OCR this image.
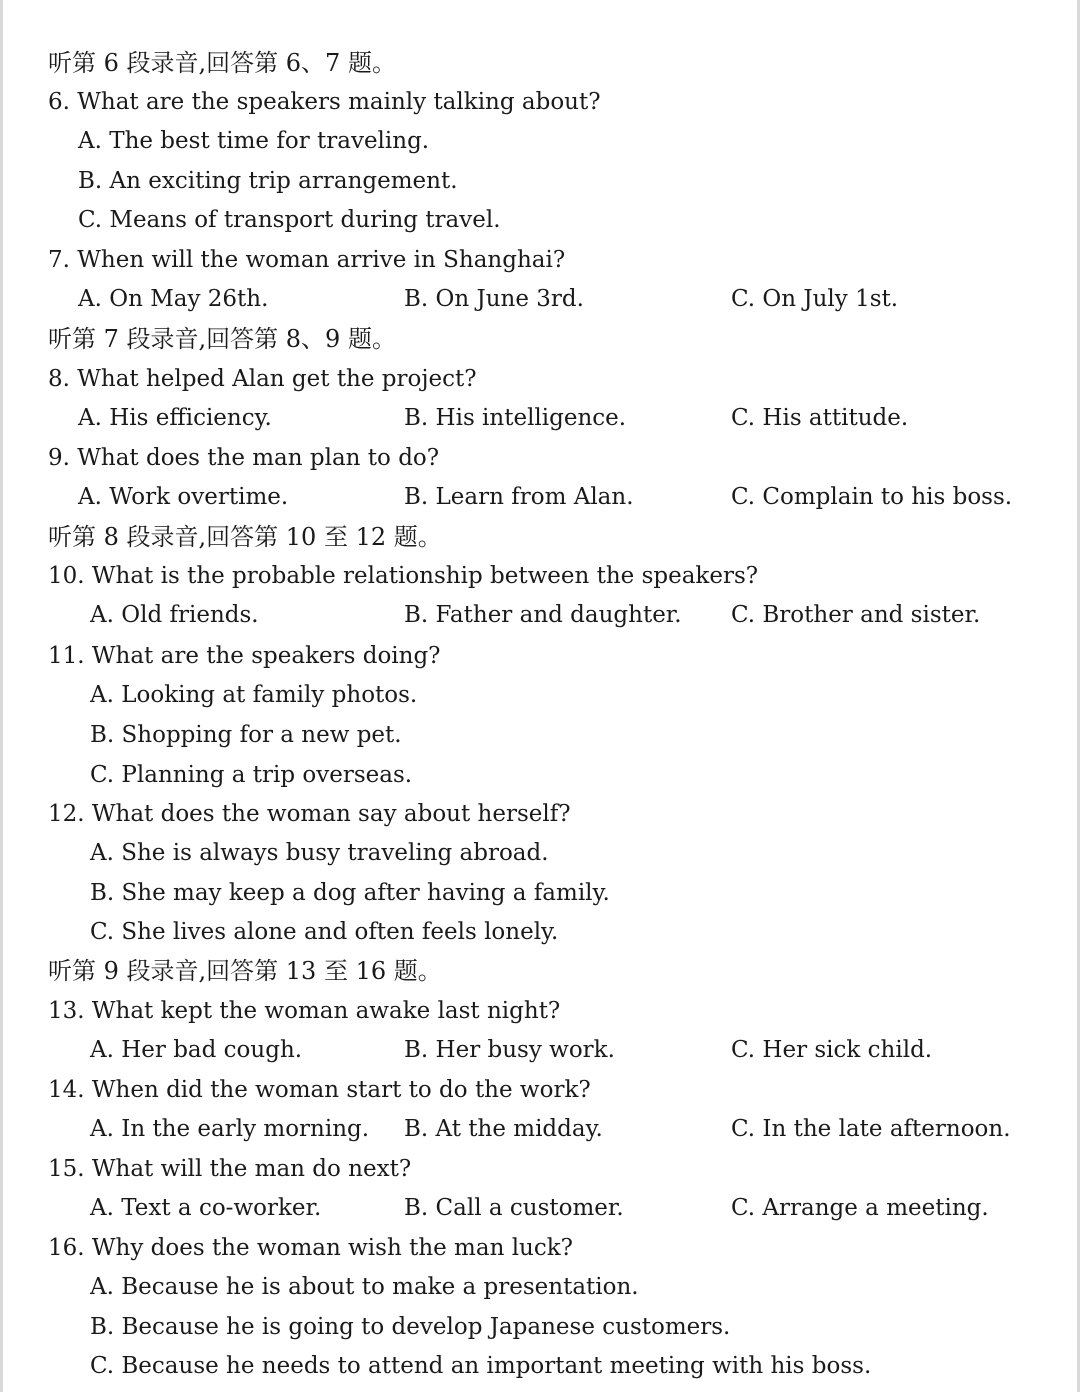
听第 6 段录音,回答第 6、7 题。
6. What are the speakers mainly talking about?
A. The best time for traveling.
B. An exciting trip arrangement.
C. Means of transport during travel.
7. When will the woman arrive in Shanghai?
A. On May 26th.	B. On June 3rd.	C. On July 1st.
听第 7 段录音,回答第 8、9 题。
8. What helped Alan get the project?
A. His efficiency.	B. His intelligence.	C. His attitude.
9. What does the man plan to do?
A. Work overtime.	B. Learn from Alan.	C. Complain to his boss.
听第 8 段录音,回答第 10 至 12 题。
10. What is the probable relationship between the speakers?
A. Old friends.	B. Father and daughter. C. Brother and sister.
11. What are the speakers doing?
A. Looking at family photos.
B. Shopping for a new pet.
C. Planning a trip overseas.
12. What does the woman say about herself?
A. She is always busy traveling abroad.
B. She may keep a dog after having a family.
C. She lives alone and often feels lonely.
听第 9 段录音,回答第 13 至 16 题。
13. What kept the woman awake last night?
A. Her bad cough.	B. Her busy work.	C. Her sick child.
14. When did the woman start to do the work?
A. In the early morning. B. At the midday.	C. In the late afternoon.
15. What will the man do next?
A. Text a co-worker.	B. Call a customer.	C. Arrange a meeting.
16. Why does the woman wish the man luck?
A. Because he is about to make a presentation.
B. Because he is going to develop Japanese customers.
C. Because he needs to attend an important meeting with his boss.
